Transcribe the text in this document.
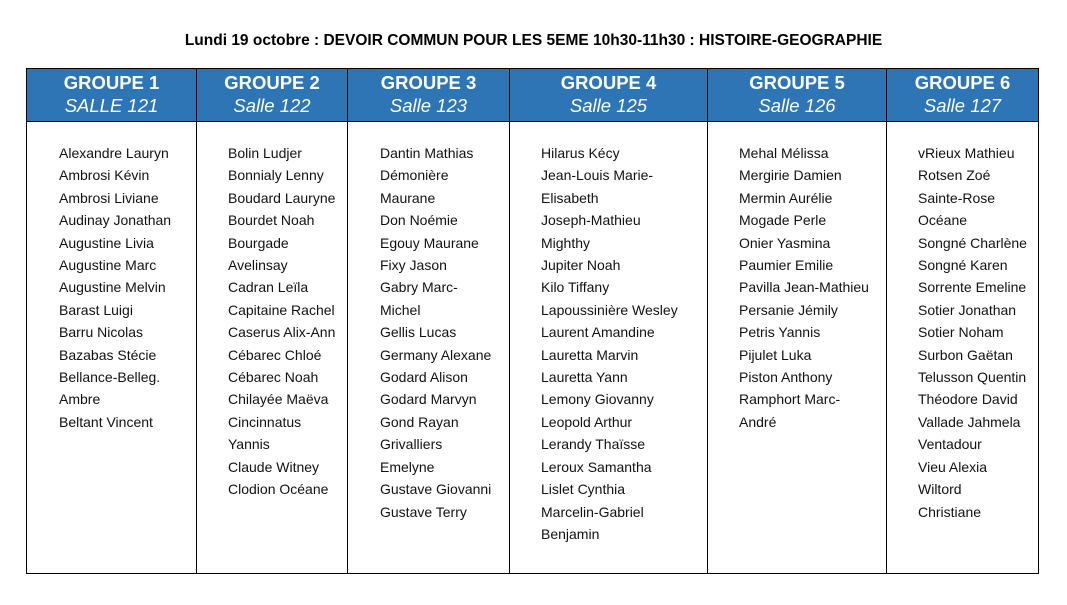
Lundi 19 octobre : DEVOIR COMMUN POUR LES 5EME 10h30-11h30 : HISTOIRE-GEOGRAPHIE
GROUPE 1
SALLE 121
Alexandre Lauryn
Ambrosi Kévin
Ambrosi Liviane
Audinay Jonathan
Augustine Livia
Augustine Marc
Augustine Melvin
Barast Luigi
Barru Nicolas
Bazabas Stécie
Bellance-Belleg.
Ambre
Beltant Vincent
GROUPE 2
Salle 122
Bolin Ludjer
Bonnialy Lenny
Boudard Lauryne
Bourdet Noah
Bourgade
Avelinsay
Cadran Leïla
Capitaine Rachel
Caserus Alix-Ann
Cébarec Chloé
Cébarec Noah
Chilayée Maëva
Cincinnatus
Yannis
Claude Witney
Clodion Océane
GROUPE 3
Salle 123
Dantin Mathias
Démonière
Maurane
Don Noémie
Egouy Maurane
Fixy Jason
Gabry Marc-
Michel
Gellis Lucas
Germany Alexane
Godard Alison
Godard Marvyn
Gond Rayan
Grivalliers
Emelyne
Gustave Giovanni
Gustave Terry
GROUPE 4
Salle 125
Hilarus Kécy
Jean-Louis Marie-
Elisabeth
Joseph-Mathieu
Mighthy
Jupiter Noah
Kilo Tiffany
Lapoussinière Wesley
Laurent Amandine
Lauretta Marvin
Lauretta Yann
Lemony Giovanny
Leopold Arthur
Lerandy Thaïsse
Leroux Samantha
Lislet Cynthia
Marcelin-Gabriel
Benjamin
GROUPE 5
Salle 126
Mehal Mélissa
Mergirie Damien
Mermin Aurélie
Mogade Perle
Onier Yasmina
Paumier Emilie
Pavilla Jean-Mathieu
Persanie Jémily
Petris Yannis
Pijulet Luka
Piston Anthony
Ramphort Marc-
André
GROUPE 6
Salle 127
vRieux Mathieu
Rotsen Zoé
Sainte-Rose
Océane
Songné Charlène
Songné Karen
Sorrente Emeline
Sotier Jonathan
Sotier Noham
Surbon Gaëtan
Telusson Quentin
Théodore David
Vallade Jahmela
Ventadour
Vieu Alexia
Wiltord
Christiane
